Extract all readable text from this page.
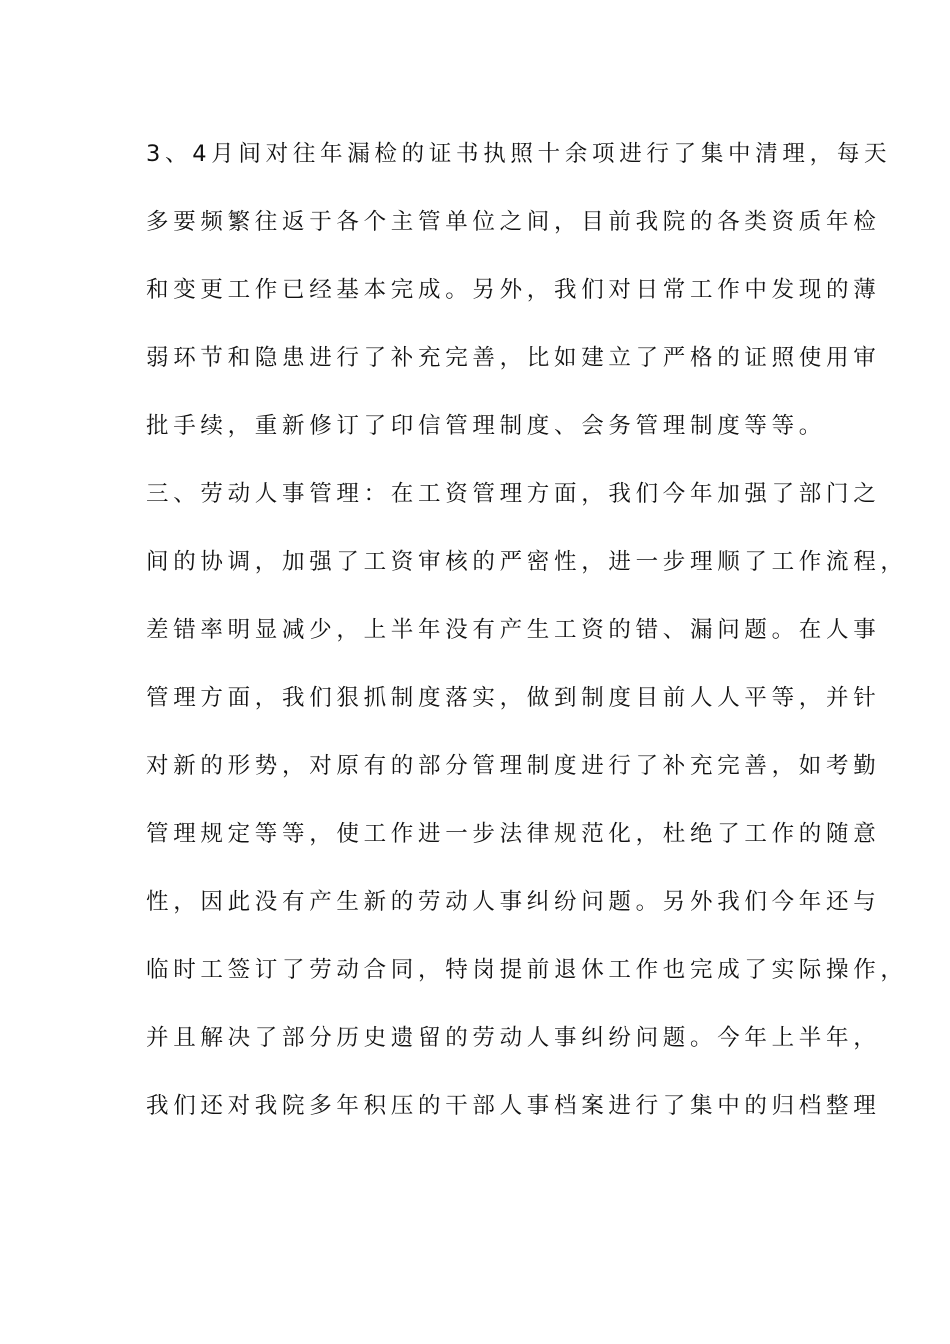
3、4月间对往年漏检的证书执照十余项进行了集中清理，每天
多要频繁往返于各个主管单位之间，目前我院的各类资质年检
和变更工作已经基本完成。另外，我们对日常工作中发现的薄
弱环节和隐患进行了补充完善，比如建立了严格的证照使用审
批手续，重新修订了印信管理制度、会务管理制度等等。
三、劳动人事管理：在工资管理方面，我们今年加强了部门之
间的协调，加强了工资审核的严密性，进一步理顺了工作流程，
差错率明显减少，上半年没有产生工资的错、漏问题。在人事
管理方面，我们狠抓制度落实，做到制度目前人人平等，并针
对新的形势，对原有的部分管理制度进行了补充完善，如考勤
管理规定等等，使工作进一步法律规范化，杜绝了工作的随意
性，因此没有产生新的劳动人事纠纷问题。另外我们今年还与
临时工签订了劳动合同，特岗提前退休工作也完成了实际操作，
并且解决了部分历史遗留的劳动人事纠纷问题。今年上半年，
我们还对我院多年积压的干部人事档案进行了集中的归档整理
